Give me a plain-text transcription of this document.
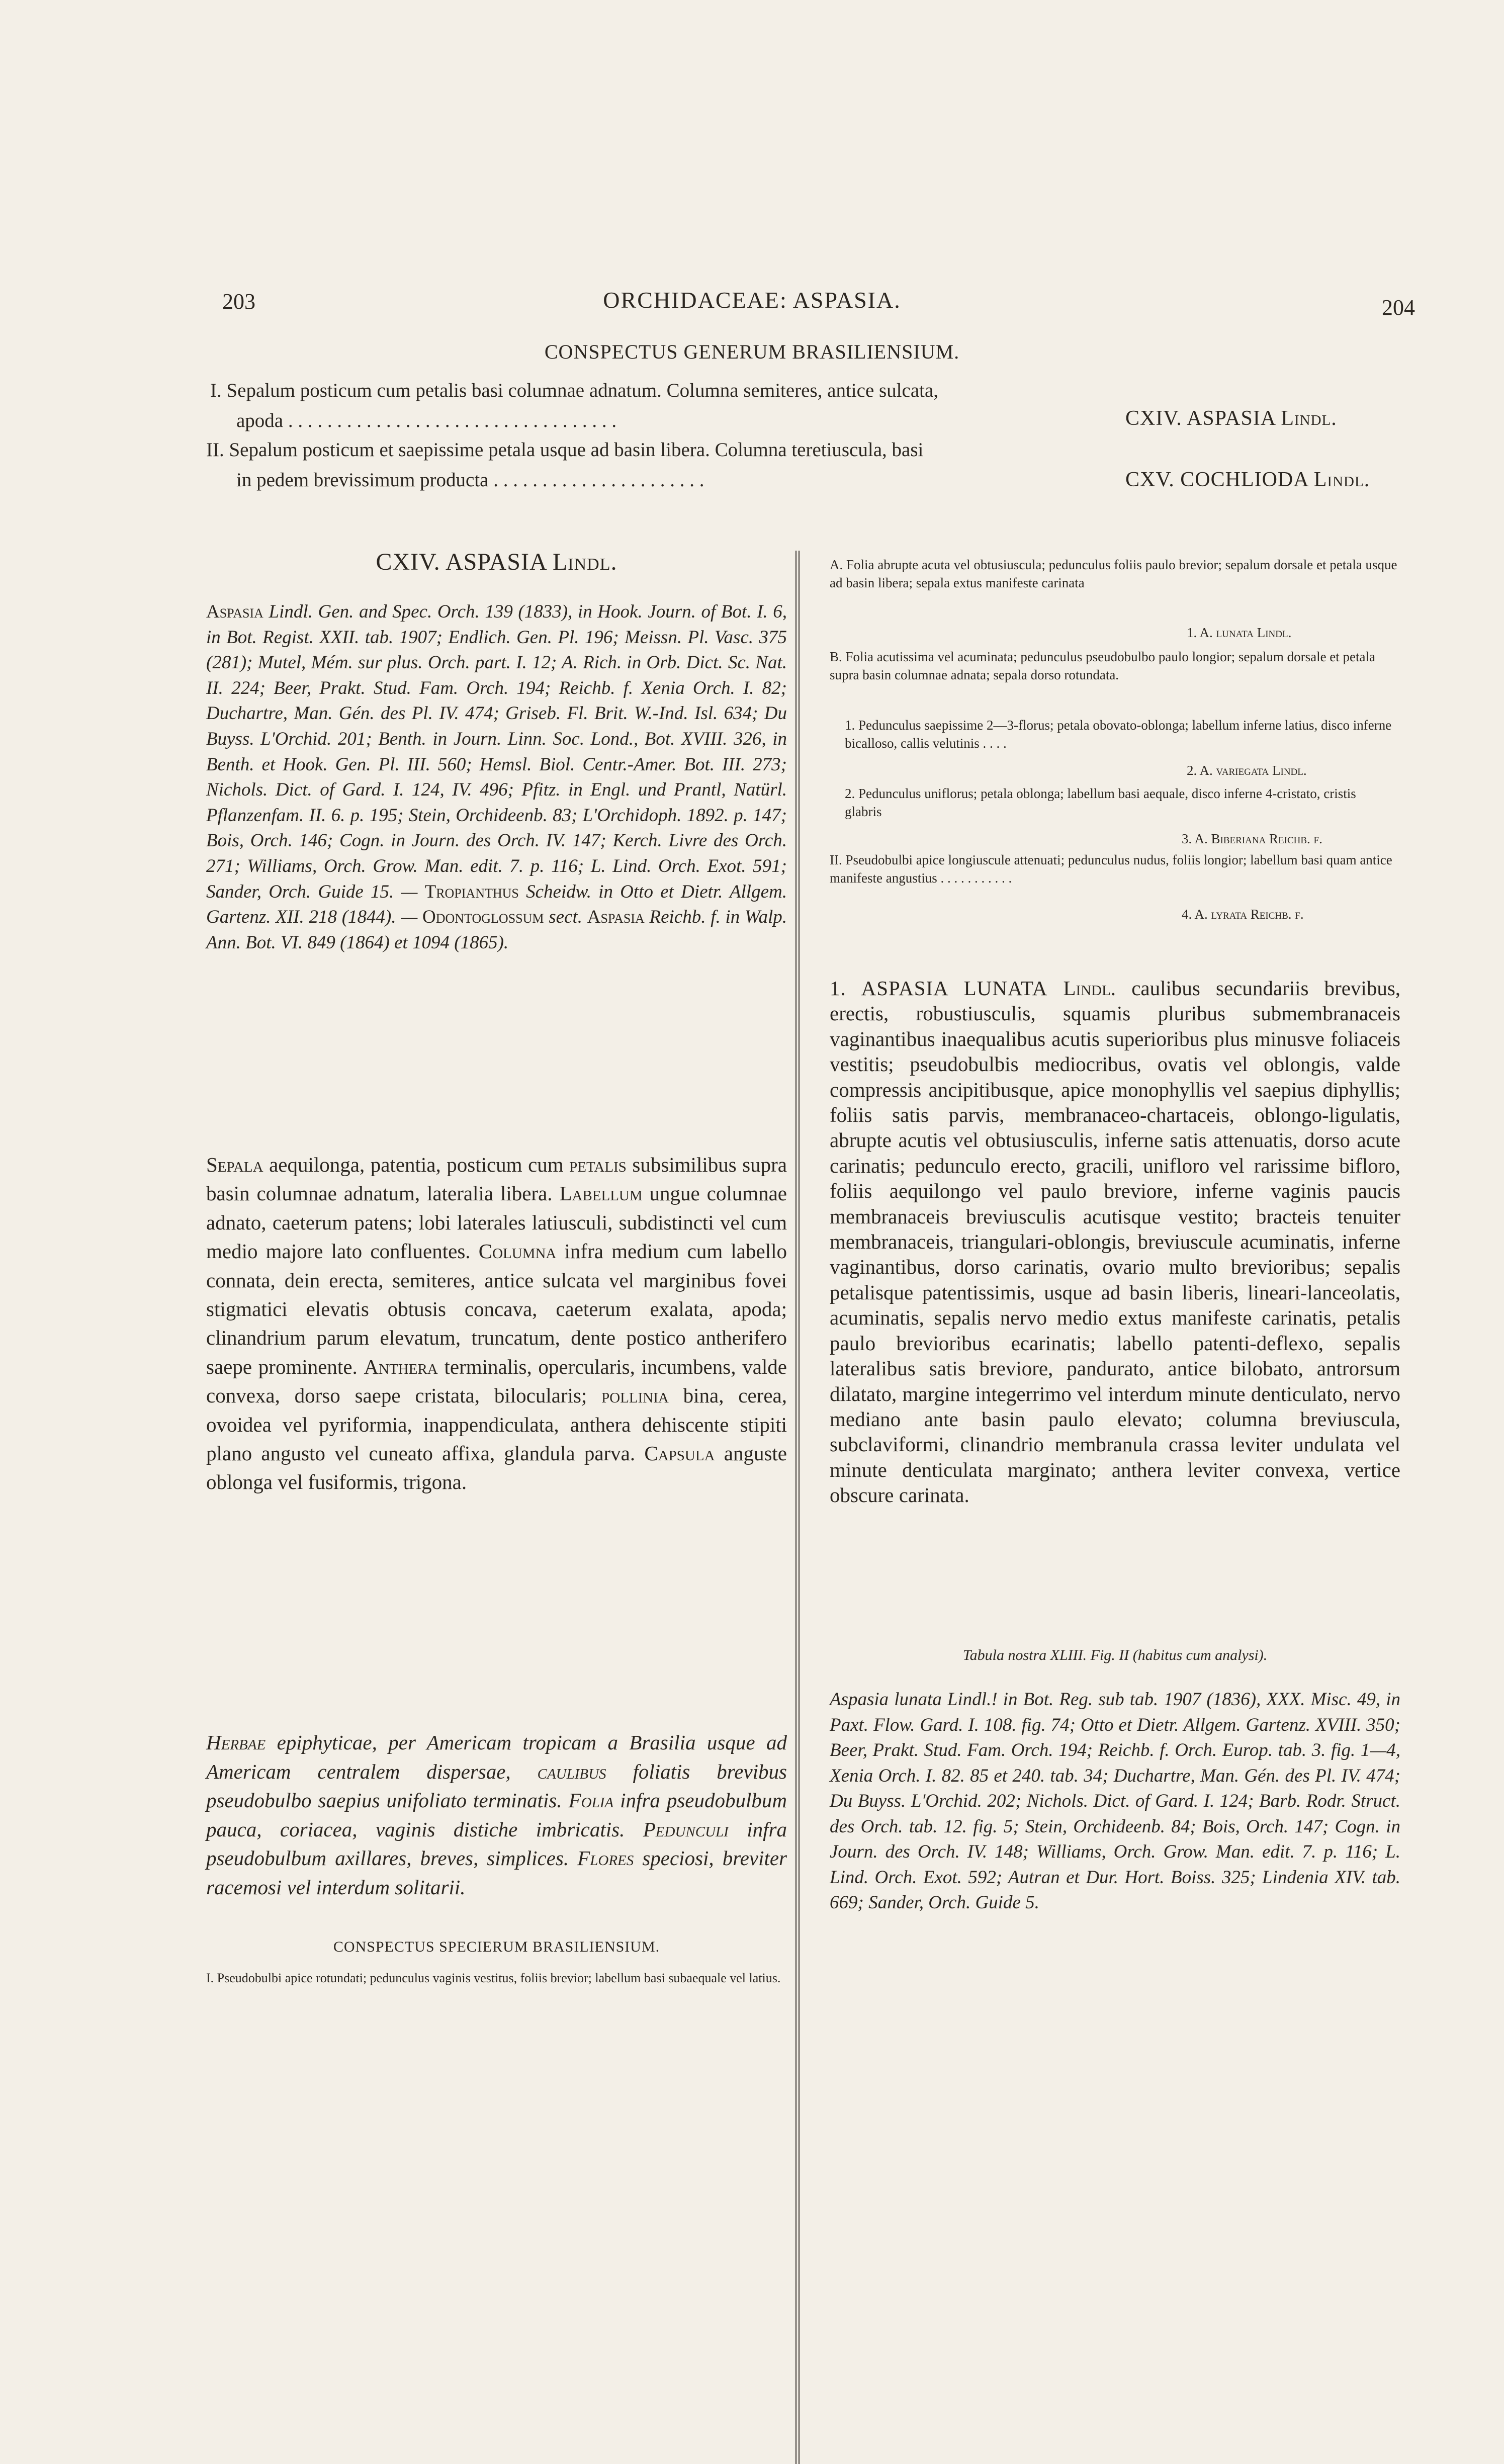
203	ORCHIDACEAE: ASPASIA.	204
CONSPECTUS GENERUM BRASILIENSIUM.
I. Sepalum posticum cum petalis basi columnae adnatum. Columna semiteres, antice sulcata,
apoda . . . . . . . . . . . . . . . . . . . . . . . . . . . . . . . . . .	CXIV. ASPASIA Lindl.
II. Sepalum posticum et saepissime petala usque ad basin libera. Columna teretiuscula, basi
in pedem brevissimum producta . . . . . . . . . . . . . . . . . . . . . .	CXV. COCHLIODA Lindl.
CXIV. ASPASIA Lindl.
Aspasia Lindl. Gen. and Spec. Orch. 139 (1833), in Hook. Journ. of Bot. I. 6, in Bot. Regist. XXII. tab. 1907; Endlich. Gen. Pl. 196; Meissn. Pl. Vasc. 375 (281); Mutel, Mém. sur plus. Orch. part. I. 12; A. Rich. in Orb. Dict. Sc. Nat. II. 224; Beer, Prakt. Stud. Fam. Orch. 194; Reichb. f. Xenia Orch. I. 82; Duchartre, Man. Gén. des Pl. IV. 474; Griseb. Fl. Brit. W.-Ind. Isl. 634; Du Buyss. L'Orchid. 201; Benth. in Journ. Linn. Soc. Lond., Bot. XVIII. 326, in Benth. et Hook. Gen. Pl. III. 560; Hemsl. Biol. Centr.-Amer. Bot. III. 273; Nichols. Dict. of Gard. I. 124, IV. 496; Pfitz. in Engl. und Prantl, Natürl. Pflanzenfam. II. 6. p. 195; Stein, Orchideenb. 83; L'Orchidoph. 1892. p. 147; Bois, Orch. 146; Cogn. in Journ. des Orch. IV. 147; Kerch. Livre des Orch. 271; Williams, Orch. Grow. Man. edit. 7. p. 116; L. Lind. Orch. Exot. 591; Sander, Orch. Guide 15. — Tropianthus Scheidw. in Otto et Dietr. Allgem. Gartenz. XII. 218 (1844). — Odontoglossum sect. Aspasia Reichb. f. in Walp. Ann. Bot. VI. 849 (1864) et 1094 (1865).
Sepala aequilonga, patentia, posticum cum petalis subsimilibus supra basin columnae adnatum, lateralia libera. Labellum ungue columnae adnato, caeterum patens; lobi laterales latiusculi, subdistincti vel cum medio majore lato confluentes. Columna infra medium cum labello connata, dein erecta, semiteres, antice sulcata vel marginibus fovei stigmatici elevatis obtusis concava, caeterum exalata, apoda; clinandrium parum elevatum, truncatum, dente postico antherifero saepe prominente. Anthera terminalis, opercularis, incumbens, valde convexa, dorso saepe cristata, bilocularis; pollinia bina, cerea, ovoidea vel pyriformia, inappendiculata, anthera dehiscente stipiti plano angusto vel cuneato affixa, glandula parva. Capsula anguste oblonga vel fusiformis, trigona.
Herbae epiphyticae, per Americam tropicam a Brasilia usque ad Americam centralem dispersae, caulibus foliatis brevibus pseudobulbo saepius unifoliato terminatis. Folia infra pseudobulbum pauca, coriacea, vaginis distiche imbricatis. Pedunculi infra pseudobulbum axillares, breves, simplices. Flores speciosi, breviter racemosi vel interdum solitarii.
CONSPECTUS SPECIERUM BRASILIENSIUM.
I. Pseudobulbi apice rotundati; pedunculus vaginis vestitus, foliis brevior; labellum basi subaequale vel latius.
A. Folia abrupte acuta vel obtusiuscula; pedunculus foliis paulo brevior; sepalum dorsale et petala usque ad basin libera; sepala extus manifeste carinata
1. A. lunata Lindl.
B. Folia acutissima vel acuminata; pedunculus pseudobulbo paulo longior; sepalum dorsale et petala supra basin columnae adnata; sepala dorso rotundata.
1. Pedunculus saepissime 2—3-florus; petala obovato-oblonga; labellum inferne latius, disco inferne bicalloso, callis velutinis . . . .
2. A. variegata Lindl.
2. Pedunculus uniflorus; petala oblonga; labellum basi aequale, disco inferne 4-cristato, cristis glabris
3. A. Biberiana Reichb. f.
II. Pseudobulbi apice longiuscule attenuati; pedunculus nudus, foliis longior; labellum basi quam antice manifeste angustius . . . . . . . . . . .
4. A. lyrata Reichb. f.
1. ASPASIA LUNATA Lindl. caulibus secundariis brevibus, erectis, robustiusculis, squamis pluribus submembranaceis vaginantibus inaequalibus acutis superioribus plus minusve foliaceis vestitis; pseudobulbis mediocribus, ovatis vel oblongis, valde compressis ancipitibusque, apice monophyllis vel saepius diphyllis; foliis satis parvis, membranaceo-chartaceis, oblongo-ligulatis, abrupte acutis vel obtusiusculis, inferne satis attenuatis, dorso acute carinatis; pedunculo erecto, gracili, unifloro vel rarissime bifloro, foliis aequilongo vel paulo breviore, inferne vaginis paucis membranaceis breviusculis acutisque vestito; bracteis tenuiter membranaceis, triangulari-oblongis, breviuscule acuminatis, inferne vaginantibus, dorso carinatis, ovario multo brevioribus; sepalis petalisque patentissimis, usque ad basin liberis, lineari-lanceolatis, acuminatis, sepalis nervo medio extus manifeste carinatis, petalis paulo brevioribus ecarinatis; labello patenti-deflexo, sepalis lateralibus satis breviore, pandurato, antice bilobato, antrorsum dilatato, margine integerrimo vel interdum minute denticulato, nervo mediano ante basin paulo elevato; columna breviuscula, subclaviformi, clinandrio membranula crassa leviter undulata vel minute denticulata marginato; anthera leviter convexa, vertice obscure carinata.
Tabula nostra XLIII. Fig. II (habitus cum analysi).
Aspasia lunata Lindl.! in Bot. Reg. sub tab. 1907 (1836), XXX. Misc. 49, in Paxt. Flow. Gard. I. 108. fig. 74; Otto et Dietr. Allgem. Gartenz. XVIII. 350; Beer, Prakt. Stud. Fam. Orch. 194; Reichb. f. Orch. Europ. tab. 3. fig. 1—4, Xenia Orch. I. 82. 85 et 240. tab. 34; Duchartre, Man. Gén. des Pl. IV. 474; Du Buyss. L'Orchid. 202; Nichols. Dict. of Gard. I. 124; Barb. Rodr. Struct. des Orch. tab. 12. fig. 5; Stein, Orchideenb. 84; Bois, Orch. 147; Cogn. in Journ. des Orch. IV. 148; Williams, Orch. Grow. Man. edit. 7. p. 116; L. Lind. Orch. Exot. 592; Autran et Dur. Hort. Boiss. 325; Lindenia XIV. tab. 669; Sander, Orch. Guide 5.
